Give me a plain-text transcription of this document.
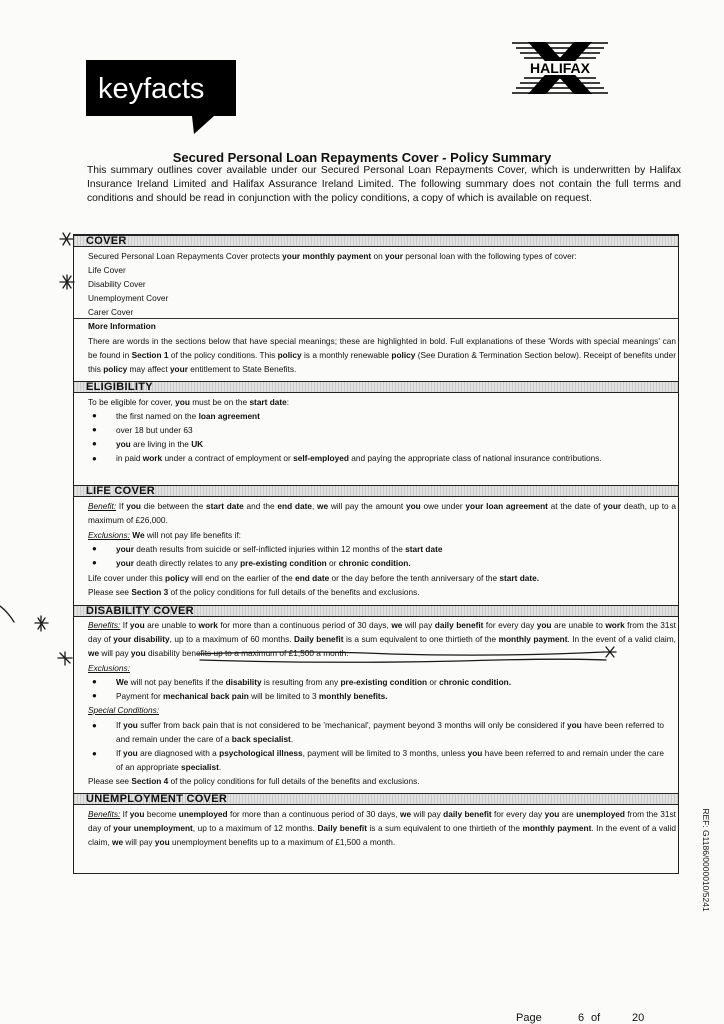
keyfacts
HALIFAX
Secured Personal Loan Repayments Cover - Policy Summary
This summary outlines cover available under our Secured Personal Loan Repayments Cover, which is underwritten by Halifax Insurance Ireland Limited and Halifax Assurance Ireland Limited. The following summary does not contain the full terms and conditions and should be read in conjunction with the policy conditions, a copy of which is available on request.
COVER
Secured Personal Loan Repayments Cover protects your monthly payment on your personal loan with the following types of cover:
Life Cover
Disability Cover
Unemployment Cover
Carer Cover
More Information
There are words in the sections below that have special meanings; these are highlighted in bold. Full explanations of these 'Words with special meanings' can be found in Section 1 of the policy conditions. This policy is a monthly renewable policy (See Duration & Termination Section below). Receipt of benefits under this policy may affect your entitlement to State Benefits.
ELIGIBILITY
To be eligible for cover, you must be on the start date:
● the first named on the loan agreement
● over 18 but under 63
● you are living in the UK
● in paid work under a contract of employment or self-employed and paying the appropriate class of national insurance contributions.
LIFE COVER
Benefit: If you die between the start date and the end date, we will pay the amount you owe under your loan agreement at the date of your death, up to a maximum of £26,000.
Exclusions: We will not pay life benefits if:
● your death results from suicide or self-inflicted injuries within 12 months of the start date
● your death directly relates to any pre-existing condition or chronic condition.
Life cover under this policy will end on the earlier of the end date or the day before the tenth anniversary of the start date.
Please see Section 3 of the policy conditions for full details of the benefits and exclusions.
DISABILITY COVER
Benefits: If you are unable to work for more than a continuous period of 30 days, we will pay daily benefit for every day you are unable to work from the 31st day of your disability, up to a maximum of 60 months. Daily benefit is a sum equivalent to one thirtieth of the monthly payment. In the event of a valid claim, we will pay you disability benefits up to a maximum of £1,500 a month.
Exclusions:
● We will not pay benefits if the disability is resulting from any pre-existing condition or chronic condition.
● Payment for mechanical back pain will be limited to 3 monthly benefits.
Special Conditions:
● If you suffer from back pain that is not considered to be 'mechanical', payment beyond 3 months will only be considered if you have been referred to and remain under the care of a back specialist.
● If you are diagnosed with a psychological illness, payment will be limited to 3 months, unless you have been referred to and remain under the care of an appropriate specialist.
Please see Section 4 of the policy conditions for full details of the benefits and exclusions.
UNEMPLOYMENT COVER
Benefits: If you become unemployed for more than a continuous period of 30 days, we will pay daily benefit for every day you are unemployed from the 31st day of your unemployment, up to a maximum of 12 months. Daily benefit is a sum equivalent to one thirtieth of the monthly payment. In the event of a valid claim, we will pay you unemployment benefits up to a maximum of £1,500 a month.	REF: G1186/0000010/5241
Page	6 of	20
